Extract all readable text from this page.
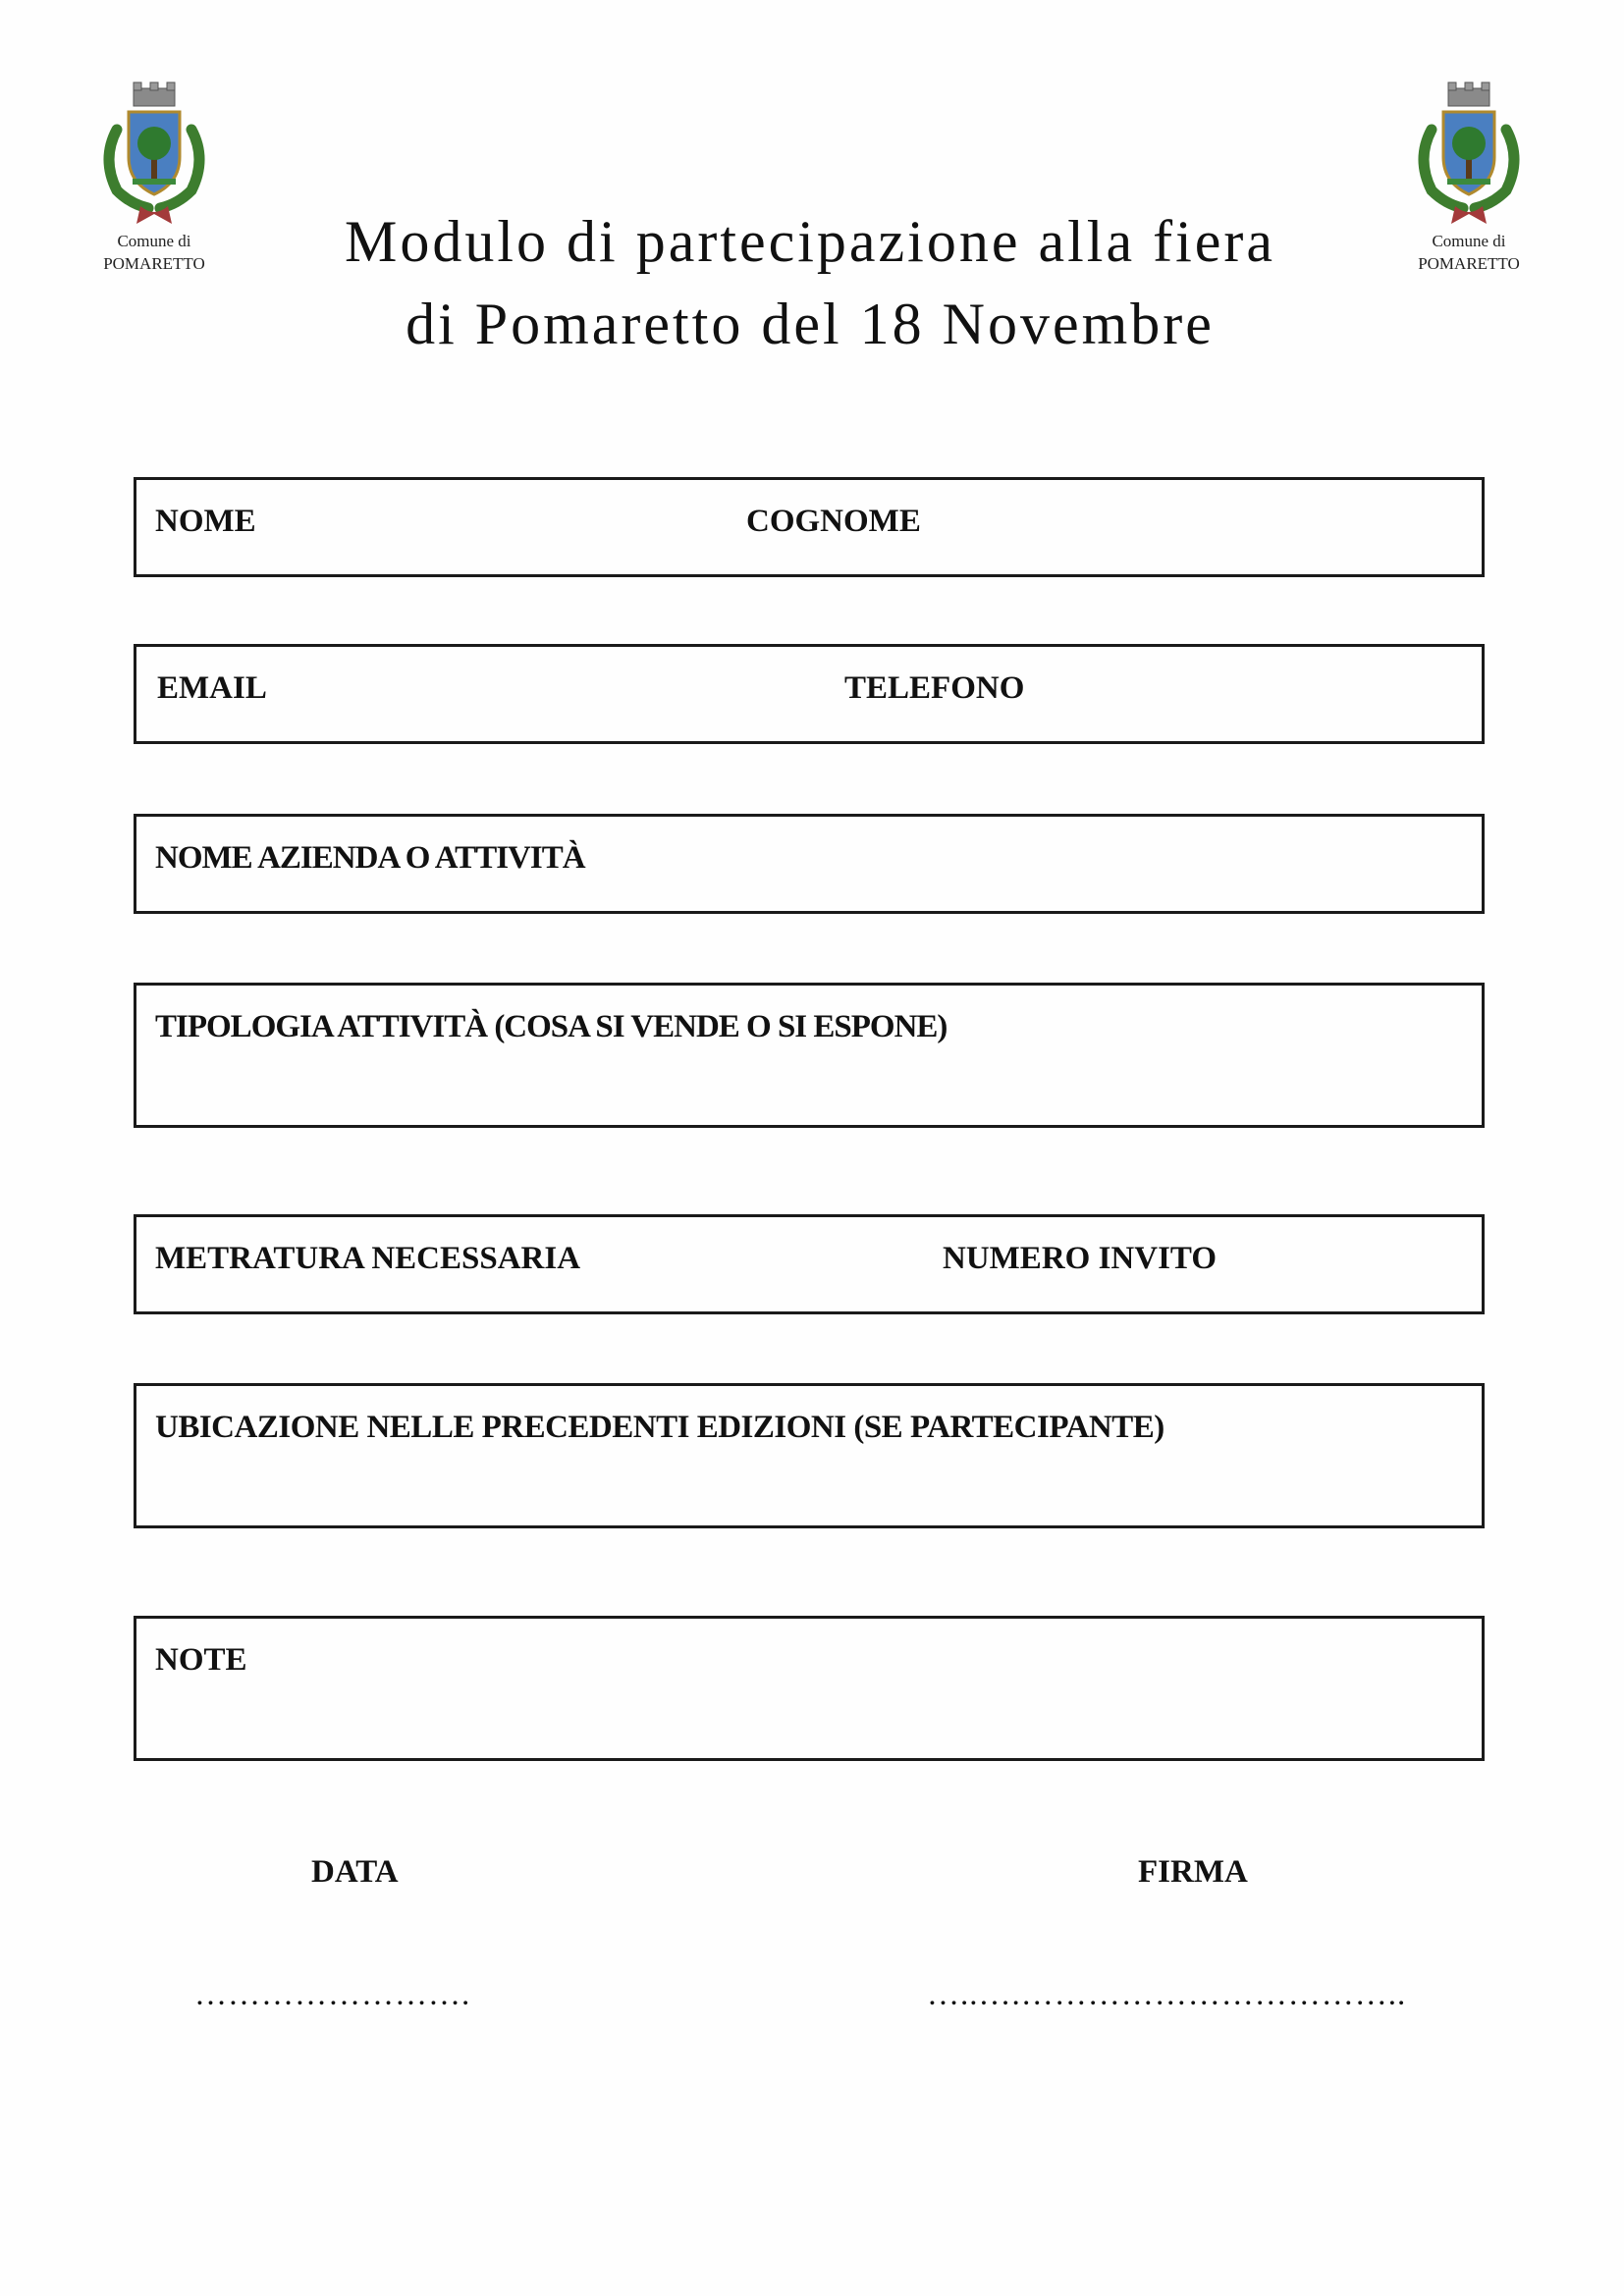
Comune di
POMARETTO
Comune di
POMARETTO
Modulo di partecipazione alla fiera
di Pomaretto del 18 Novembre
NOME	COGNOME
EMAIL	TELEFONO
NOME AZIENDA O ATTIVITÀ
TIPOLOGIA ATTIVITÀ (COSA SI VENDE O SI ESPONE)
METRATURA NECESSARIA	NUMERO INVITO
UBICAZIONE NELLE PRECEDENTI EDIZIONI (SE PARTECIPANTE)
NOTE
DATA	FIRMA
…………………….	…..….……………………………..
